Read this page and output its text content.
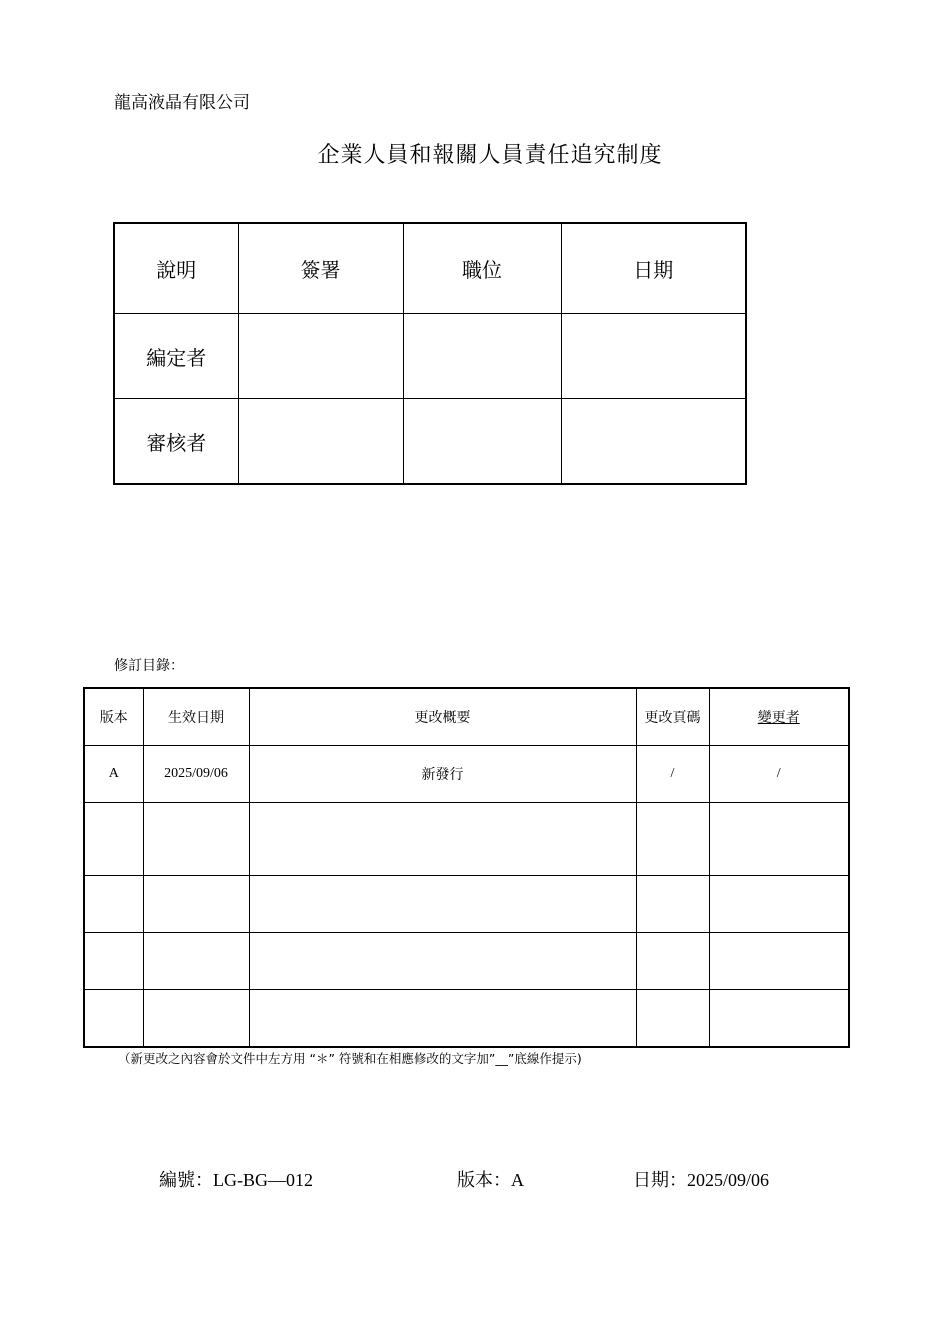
龍高液晶有限公司
企業人員和報關人員責任追究制度
說明	簽署	職位	日期
編定者			
審核者			
修訂目錄：
版本	生效日期	更改概要	更改頁碼	變更者
A	2025/09/06	新發行	/	/

（新更改之內容會於文件中左方用 “＊” 符號和在相應修改的文字加”__”底線作提示)
編號：LG-BG—012	版本：A	日期：2025/09/06
